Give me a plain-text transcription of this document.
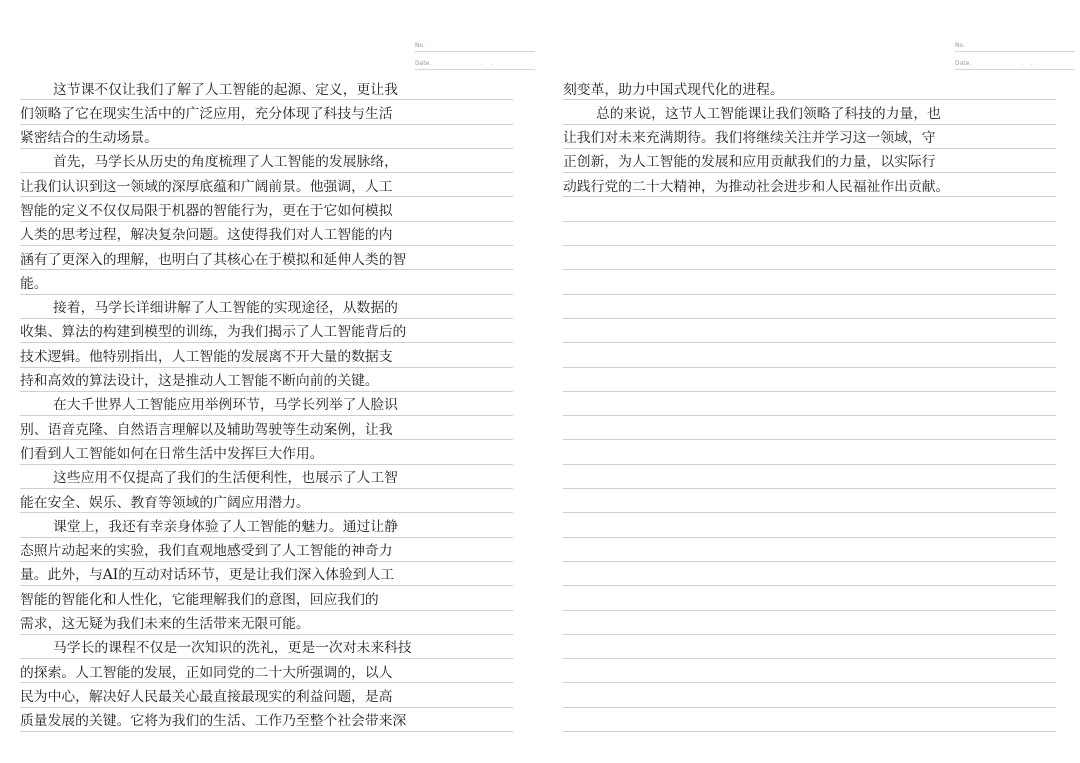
No.
Date.	. .
这节课不仅让我们了解了人工智能的起源、定义，更让我
们领略了它在现实生活中的广泛应用，充分体现了科技与生活
紧密结合的生动场景。
首先，马学长从历史的角度梳理了人工智能的发展脉络，
让我们认识到这一领域的深厚底蕴和广阔前景。他强调，人工
智能的定义不仅仅局限于机器的智能行为，更在于它如何模拟
人类的思考过程，解决复杂问题。这使得我们对人工智能的内
涵有了更深入的理解，也明白了其核心在于模拟和延伸人类的智
能。
接着，马学长详细讲解了人工智能的实现途径，从数据的
收集、算法的构建到模型的训练，为我们揭示了人工智能背后的
技术逻辑。他特别指出，人工智能的发展离不开大量的数据支
持和高效的算法设计，这是推动人工智能不断向前的关键。
在大千世界人工智能应用举例环节，马学长列举了人脸识
别、语音克隆、自然语言理解以及辅助驾驶等生动案例，让我
们看到人工智能如何在日常生活中发挥巨大作用。
这些应用不仅提高了我们的生活便利性，也展示了人工智
能在安全、娱乐、教育等领域的广阔应用潜力。
课堂上，我还有幸亲身体验了人工智能的魅力。通过让静
态照片动起来的实验，我们直观地感受到了人工智能的神奇力
量。此外，与AI的互动对话环节，更是让我们深入体验到人工
智能的智能化和人性化，它能理解我们的意图，回应我们的
需求，这无疑为我们未来的生活带来无限可能。
马学长的课程不仅是一次知识的洗礼，更是一次对未来科技
的探索。人工智能的发展，正如同党的二十大所强调的，以人
民为中心，解决好人民最关心最直接最现实的利益问题，是高
质量发展的关键。它将为我们的生活、工作乃至整个社会带来深
No.
Date.	. .
刻变革，助力中国式现代化的进程。
总的来说，这节人工智能课让我们领略了科技的力量，也
让我们对未来充满期待。我们将继续关注并学习这一领域，守
正创新，为人工智能的发展和应用贡献我们的力量，以实际行
动践行党的二十大精神，为推动社会进步和人民福祉作出贡献。
